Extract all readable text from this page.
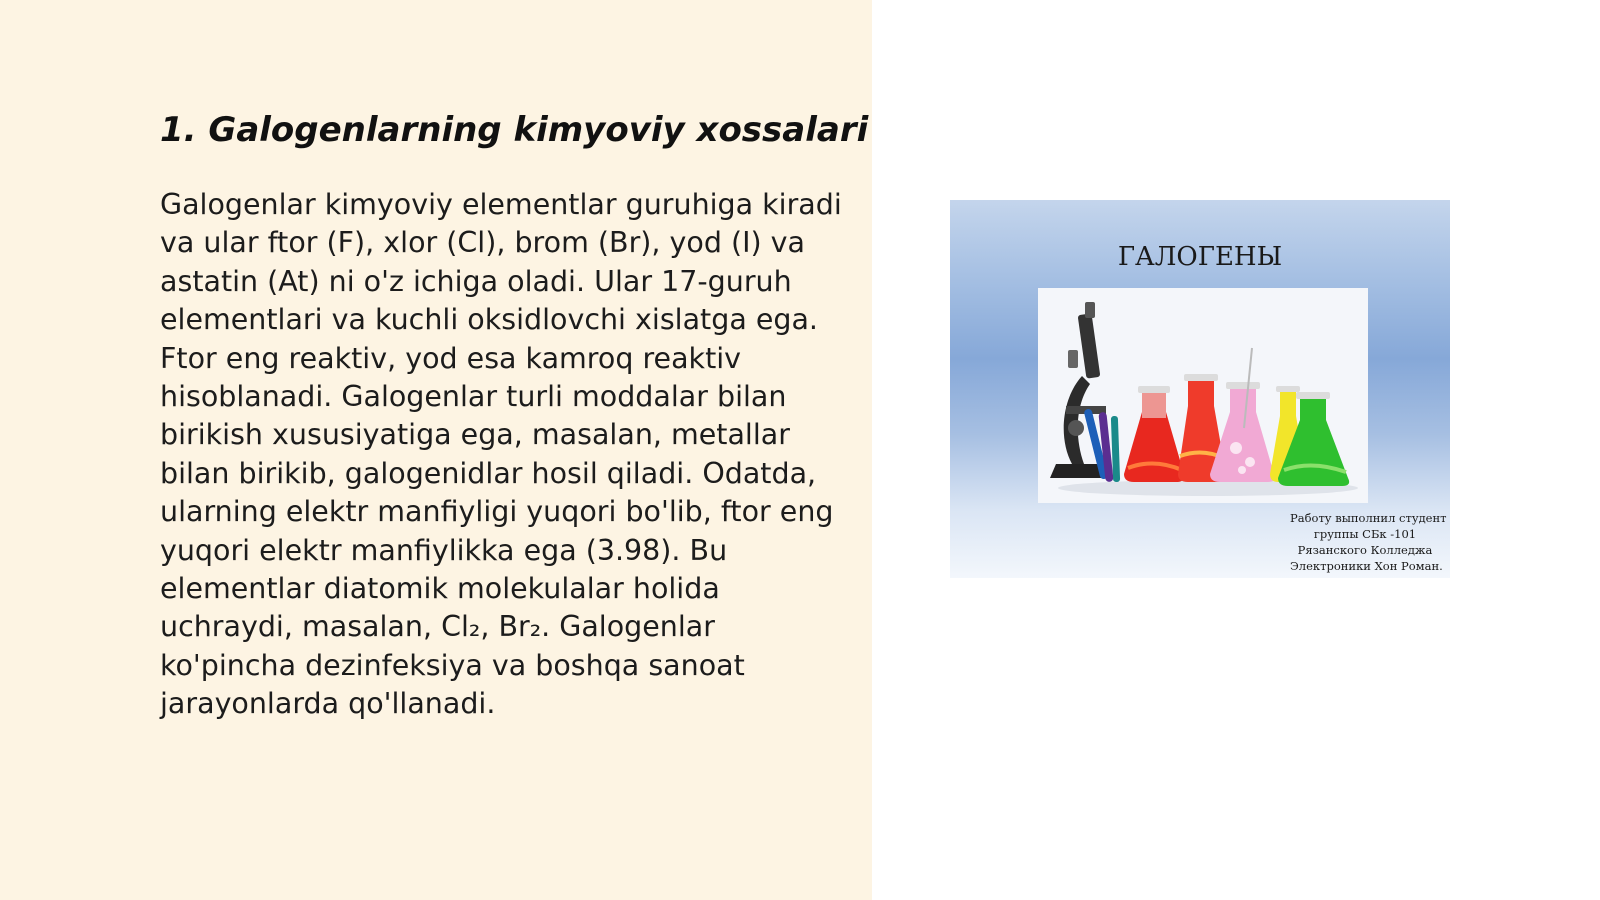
1. Galogenlarning kimyoviy xossalari

Galogenlar kimyoviy elementlar guruhiga kiradi va ular ftor (F), xlor (Cl), brom (Br), yod (I) va astatin (At) ni o'z ichiga oladi. Ular 17-guruh elementlari va kuchli oksidlovchi xislatga ega. Ftor eng reaktiv, yod esa kamroq reaktiv hisoblanadi. Galogenlar turli moddalar bilan birikish xususiyatiga ega, masalan, metallar bilan birikib, galogenidlar hosil qiladi. Odatda, ularning elektr manfiyligi yuqori bo'lib, ftor eng yuqori elektr manfiylikka ega (3.98). Bu elementlar diatomik molekulalar holida uchraydi, masalan, Cl₂, Br₂. Galogenlar ko'pincha dezinfeksiya va boshqa sanoat jarayonlarda qo'llanadi.

ГАЛОГЕНЫ
Работу выполнил студент
группы СБк -101
Рязанского Колледжа
Электроники Хон Роман.
